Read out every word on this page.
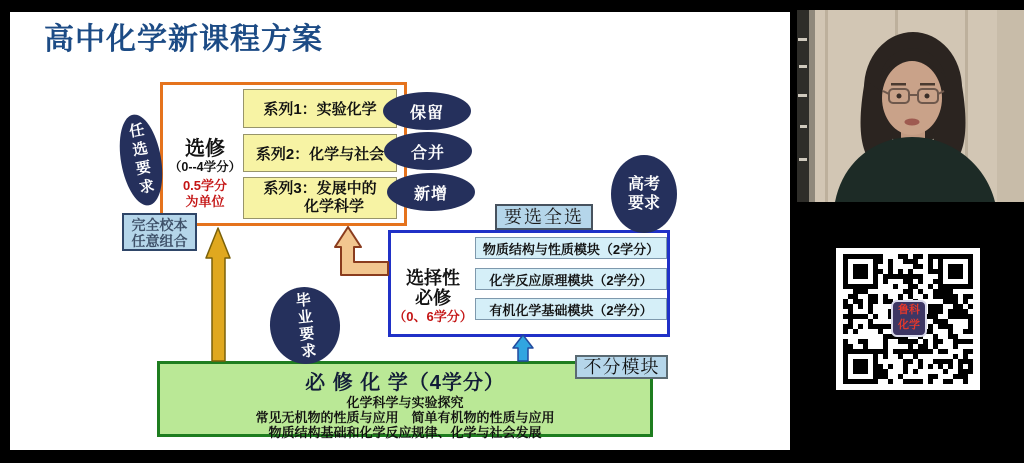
高中化学新课程方案
选修
（0--4学分）
0.5学分
为单位
系列1：实验化学
系列2：化学与社会
系列3：发展中的
化学科学
保留
合并
新增
选择性
必修
（0、6学分）
物质结构与性质模块（2学分）
化学反应原理模块（2学分）
有机化学基础模块（2学分）
必 修 化 学（4学分）
化学科学与实验探究
常见无机物的性质与应用　简单有机物的性质与应用
物质结构基础和化学反应规律、化学与社会发展
完全校本
任意组合
要选全选
不分模块
任选要求
毕业要求
高考
要求
鲁科
化学
